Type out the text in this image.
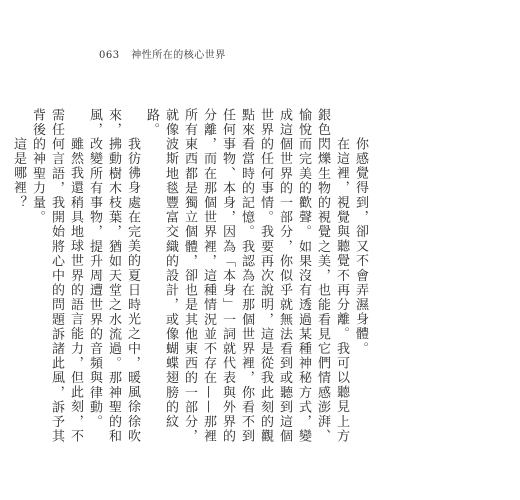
063 神性所在的核心世界

你感覺得到，卻又不會弄濕身體。

在這裡，視覺與聽覺不再分離。我可以聽見上方銀色閃爍生物的視覺之美，也能看見它們情感澎湃、愉悅而完美的歡聲。如果沒有透過某種神秘方式，變成這個世界的一部分，你似乎就無法看到或聽到這個世界的任何事情。我要再次說明，這是從我此刻的觀點來看當時的記憶。我認為在那個世界裡，你看不到任何事物、本身，因為「本身」一詞就代表與外界的分離，而在那個世界裡，這種情況並不存在——那裡所有東西都是獨立個體，卻也是其他東西的一部分，就像波斯地毯豐富交織的設計，或像蝴蝶翅膀的紋路。

我彷彿身處在完美的夏日時光之中，暖風徐徐吹來，拂動樹木枝葉，猶如天堂之水流過。那神聖的和風，改變所有事物，提升周遭世界的音頻與律動。

雖然我還稍具地球世界的語言能力，但此刻，不需任何言語，我開始將心中的問題訴諸此風，訴予其背後的神聖力量。

這是哪裡？
